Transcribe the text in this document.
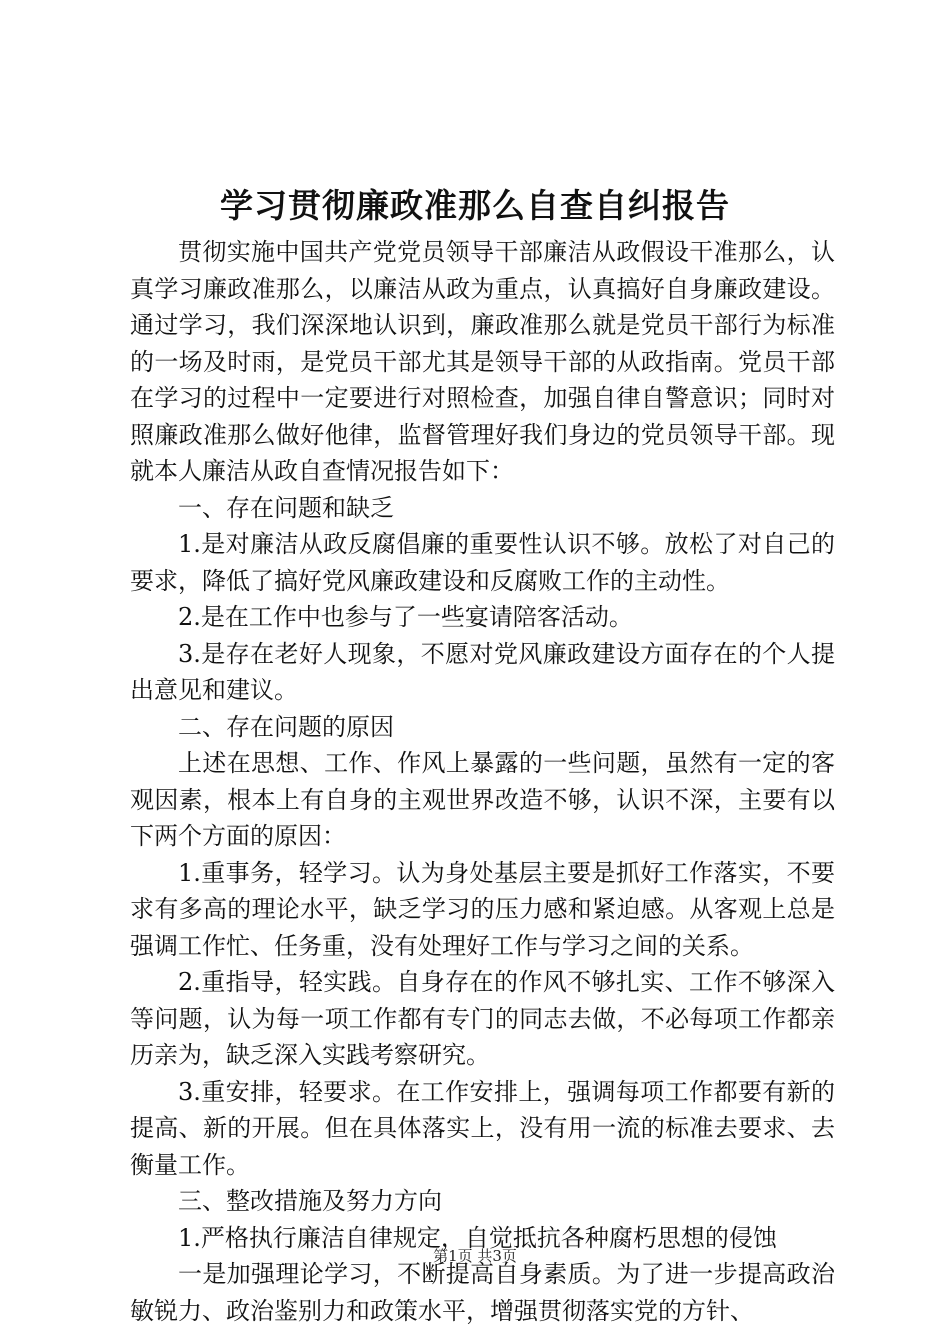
学习贯彻廉政准那么自查自纠报告

贯彻实施中国共产党党员领导干部廉洁从政假设干准那么，认真学习廉政准那么，以廉洁从政为重点，认真搞好自身廉政建设。通过学习，我们深深地认识到，廉政准那么就是党员干部行为标准的一场及时雨，是党员干部尤其是领导干部的从政指南。党员干部在学习的过程中一定要进行对照检查，加强自律自警意识；同时对照廉政准那么做好他律，监督管理好我们身边的党员领导干部。现就本人廉洁从政自查情况报告如下：

一、存在问题和缺乏

1.是对廉洁从政反腐倡廉的重要性认识不够。放松了对自己的要求，降低了搞好党风廉政建设和反腐败工作的主动性。

2.是在工作中也参与了一些宴请陪客活动。

3.是存在老好人现象，不愿对党风廉政建设方面存在的个人提出意见和建议。

二、存在问题的原因

上述在思想、工作、作风上暴露的一些问题，虽然有一定的客观因素，根本上有自身的主观世界改造不够，认识不深，主要有以下两个方面的原因：

1.重事务，轻学习。认为身处基层主要是抓好工作落实，不要求有多高的理论水平，缺乏学习的压力感和紧迫感。从客观上总是强调工作忙、任务重，没有处理好工作与学习之间的关系。

2.重指导，轻实践。自身存在的作风不够扎实、工作不够深入等问题，认为每一项工作都有专门的同志去做，不必每项工作都亲历亲为，缺乏深入实践考察研究。

3.重安排，轻要求。在工作安排上，强调每项工作都要有新的提高、新的开展。但在具体落实上，没有用一流的标准去要求、去衡量工作。

三、整改措施及努力方向

1.严格执行廉洁自律规定，自觉抵抗各种腐朽思想的侵蚀

一是加强理论学习，不断提高自身素质。为了进一步提高政治敏锐力、政治鉴别力和政策水平，增强贯彻落实党的方针、

第1页 共3页
